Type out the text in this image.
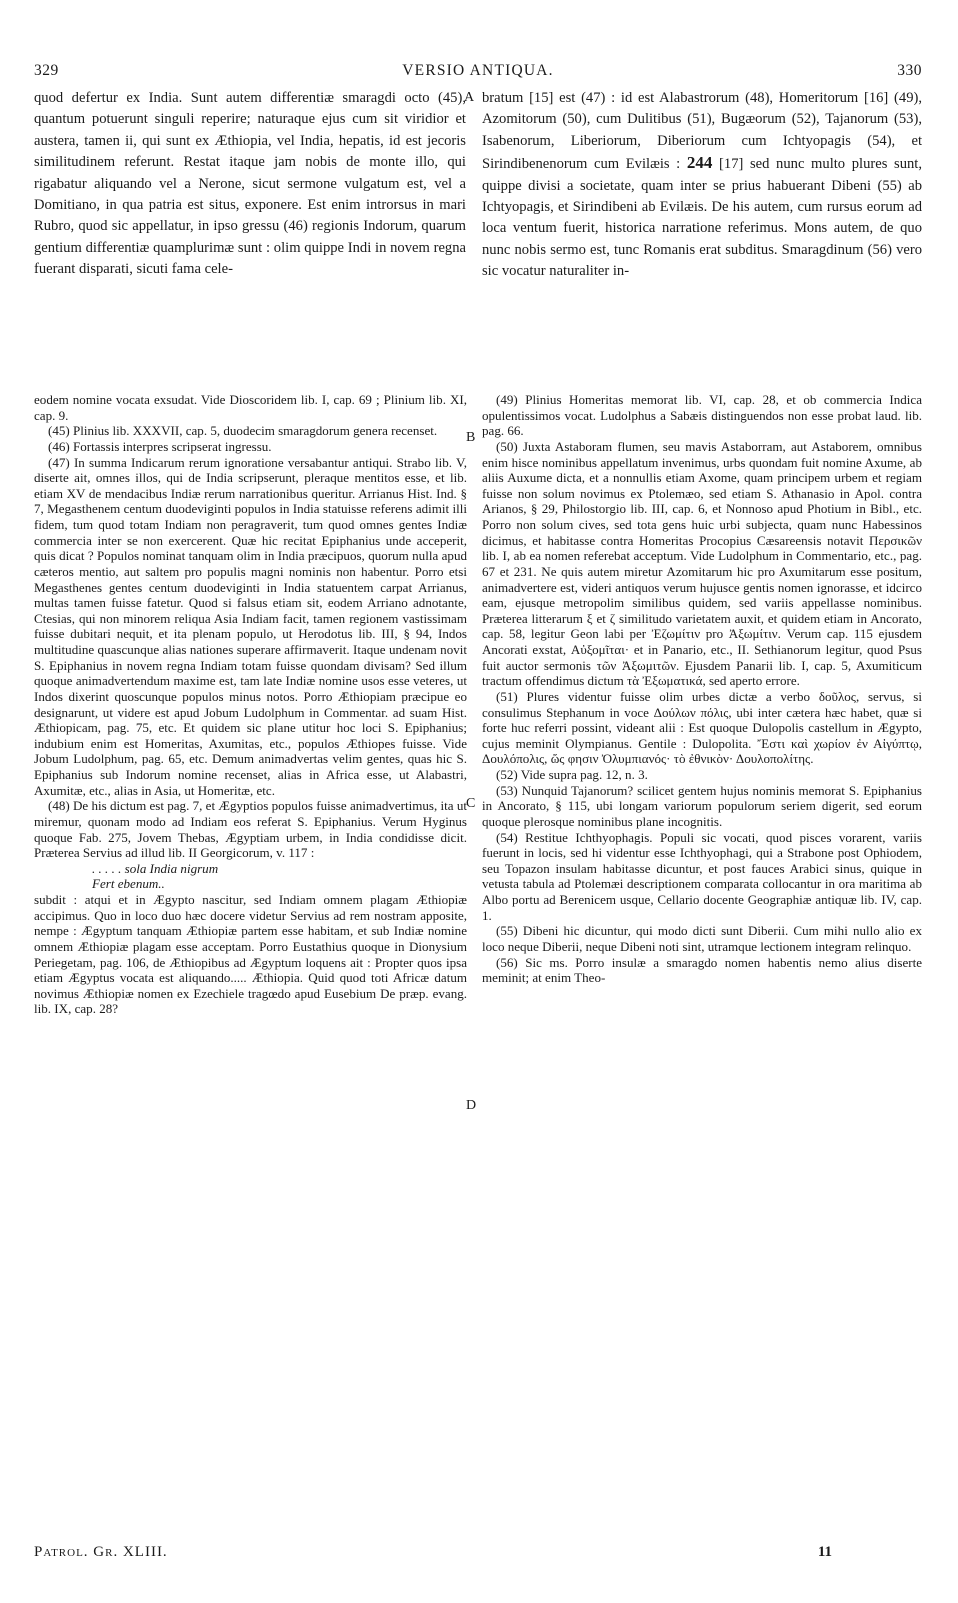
329	VERSIO ANTIQUA.	330

quod defertur ex India. Sunt autem differentiæ smaragdi octo (45), quantum potuerunt singuli reperire; naturaque ejus cum sit viridior et austera, tamen ii, qui sunt ex Æthiopia, vel India, hepatis, id est jecoris similitudinem referunt. Restat itaque jam nobis de monte illo, qui rigabatur aliquando vel a Nerone, sicut sermone vulgatum est, vel a Domitiano, in qua patria est situs, exponere. Est enim introrsus in mari Rubro, quod sic appellatur, in ipso gressu (46) regionis Indorum, quarum gentium differentiæ quamplurimæ sunt : olim quippe Indi in novem regna fuerant disparati, sicuti fama cele-

A bratum [15] est (47) : id est Alabastrorum (48), Homeritorum [16] (49), Azomitorum (50), cum Dulitibus (51), Bugæorum (52), Tajanorum (53), Isabenorum, Liberiorum, Diberiorum cum Ichtyopagis (54), et Sirindibenenorum cum Evilæis : 244 [17] sed nunc multo plures sunt, quippe divisi a societate, quam inter se prius habuerant Dibeni (55) ab Ichtyopagis, et Sirindibeni ab Evilæis. De his autem, cum rursus eorum ad loca ventum fuerit, historica narratione referimus. Mons autem, de quo nunc nobis sermo est, tunc Romanis erat subditus. Smaragdinum (56) vero sic vocatur naturaliter in-

eodem nomine vocata exsudat. Vide Dioscoridem lib. I, cap. 69 ; Plinium lib. XI, cap. 9.

(45) Plinius lib. XXXVII, cap. 5, duodecim smaragdorum genera recenset.

(46) Fortassis interpres scripserat ingressu.

(47) In summa Indicarum rerum ignoratione versabantur antiqui. Strabo lib. V, diserte ait, omnes illos, qui de India scripserunt, pleraque mentitos esse, et lib. etiam XV de mendacibus Indiæ rerum narrationibus queritur. Arrianus Hist. Ind. § 7, Megasthenem centum duodeviginti populos in India statuisse referens adimit illi fidem, tum quod totam Indiam non peragraverit, tum quod omnes gentes Indiæ commercia inter se non exercerent. Quæ hic recitat Epiphanius unde acceperit, quis dicat ? Populos nominat tanquam olim in India præcipuos, quorum nulla apud cæteros mentio, aut saltem pro populis magni nominis non habentur. Porro etsi Megasthenes gentes centum duodeviginti in India statuentem carpat Arrianus, multas tamen fuisse fatetur. Quod si falsus etiam sit, eodem Arriano adnotante, Ctesias, qui non minorem reliqua Asia Indiam facit, tamen regionem vastissimam fuisse dubitari nequit, et ita plenam populo, ut Herodotus lib. III, § 94, Indos multitudine quascunque alias nationes superare affirmaverit. Itaque undenam novit S. Epiphanius in novem regna Indiam totam fuisse quondam divisam? Sed illum quoque animadvertendum maxime est, tam late Indiæ nomine usos esse veteres, ut Indos dixerint quoscunque populos minus notos. Porro Æthiopiam præcipue eo designarunt, ut videre est apud Jobum Ludolphum in Commentar. ad suam Hist. Æthiopicam, pag. 75, etc. Et quidem sic plane utitur hoc loci S. Epiphanius; indubium enim est Homeritas, Axumitas, etc., populos Æthiopes fuisse. Vide Jobum Ludolphum, pag. 65, etc. Demum animadvertas velim gentes, quas hic S. Epiphanius sub Indorum nomine recenset, alias in Africa esse, ut Alabastri, Axumitæ, etc., alias in Asia, ut Homeritæ, etc.

(48) De his dictum est pag. 7, et Ægyptios populos fuisse animadvertimus, ita ut miremur, quonam modo ad Indiam eos referat S. Epiphanius. Verum Hyginus quoque Fab. 275, Jovem Thebas, Ægyptiam urbem, in India condidisse dicit. Præterea Servius ad illud lib. II Georgicorum, v. 117 :

. . . . . sola India nigrum

Fert ebenum..

subdit : atqui et in Ægypto nascitur, sed Indiam omnem plagam Æthiopiæ accipimus. Quo in loco duo hæc docere videtur Servius ad rem nostram apposite, nempe : Ægyptum tanquam Æthiopiæ partem esse habitam, et sub Indiæ nomine omnem Æthiopiæ plagam esse acceptam. Porro Eustathius quoque in Dionysium Periegetam, pag. 106, de Æthiopibus ad Ægyptum loquens ait : Propter quos ipsa etiam Ægyptus vocata est aliquando..... Æthiopia. Quid quod toti Africæ datum novimus Æthiopiæ nomen ex Ezechiele tragœdo apud Eusebium De præp. evang. lib. IX, cap. 28?

B
C
D

(49) Plinius Homeritas memorat lib. VI, cap. 28, et ob commercia Indica opulentissimos vocat. Ludolphus a Sabæis distinguendos non esse probat laud. lib. pag. 66.

(50) Juxta Astaboram flumen, seu mavis Astaborram, aut Astaborem, omnibus enim hisce nominibus appellatum invenimus, urbs quondam fuit nomine Axume, ab aliis Auxume dicta, et a nonnullis etiam Axome, quam principem urbem et regiam fuisse non solum novimus ex Ptolemæo, sed etiam S. Athanasio in Apol. contra Arianos, § 29, Philostorgio lib. III, cap. 6, et Nonnoso apud Photium in Bibl., etc. Porro non solum cives, sed tota gens huic urbi subjecta, quam nunc Habessinos dicimus, et habitasse contra Homeritas Procopius Cæsareensis notavit Περσικῶν lib. I, ab ea nomen referebat acceptum. Vide Ludolphum in Commentario, etc., pag. 67 et 231. Ne quis autem miretur Azomitarum hic pro Axumitarum esse positum, animadvertere est, videri antiquos verum hujusce gentis nomen ignorasse, et idcirco eam, ejusque metropolim similibus quidem, sed variis appellasse nominibus. Præterea litterarum ξ et ζ similitudo varietatem auxit, et quidem etiam in Ancorato, cap. 58, legitur Geon labi per Ἐζωμίτιν pro Ἀξωμίτιν. Verum cap. 115 ejusdem Ancorati exstat, Αὐξομῖται· et in Panario, etc., II. Sethianorum legitur, quod Psus fuit auctor sermonis τῶν Ἀξωμιτῶν. Ejusdem Panarii lib. I, cap. 5, Axumiticum tractum offendimus dictum τὰ Ἐξωματικά, sed aperto errore.

(51) Plures videntur fuisse olim urbes dictæ a verbo δοῦλος, servus, si consulimus Stephanum in voce Δούλων πόλις, ubi inter cætera hæc habet, quæ si forte huc referri possint, videant alii : Est quoque Dulopolis castellum in Ægypto, cujus meminit Olympianus. Gentile : Dulopolita. Ἔστι καὶ χωρίον ἐν Αἰγύπτῳ, Δουλόπολις, ὥς φησιν Ὀλυμπιανός· τὸ ἐθνικὸν· Δουλοπολίτης.

(52) Vide supra pag. 12, n. 3.

(53) Nunquid Tajanorum? scilicet gentem hujus nominis memorat S. Epiphanius in Ancorato, § 115, ubi longam variorum populorum seriem digerit, sed eorum quoque plerosque nominibus plane incognitis.

(54) Restitue Ichthyophagis. Populi sic vocati, quod pisces vorarent, variis fuerunt in locis, sed hi videntur esse Ichthyophagi, qui a Strabone post Ophiodem, seu Topazon insulam habitasse dicuntur, et post fauces Arabici sinus, quique in vetusta tabula ad Ptolemæi descriptionem comparata collocantur in ora maritima ab Albo portu ad Berenicem usque, Cellario docente Geographiæ antiquæ lib. IV, cap. 1.

(55) Dibeni hic dicuntur, qui modo dicti sunt Diberii. Cum mihi nullo alio ex loco neque Diberii, neque Dibeni noti sint, utramque lectionem integram relinquo.

(56) Sic ms. Porro insulæ a smaragdo nomen habentis nemo alius diserte meminit; at enim Theo-

Patrol. Gr. XLIII.	11
